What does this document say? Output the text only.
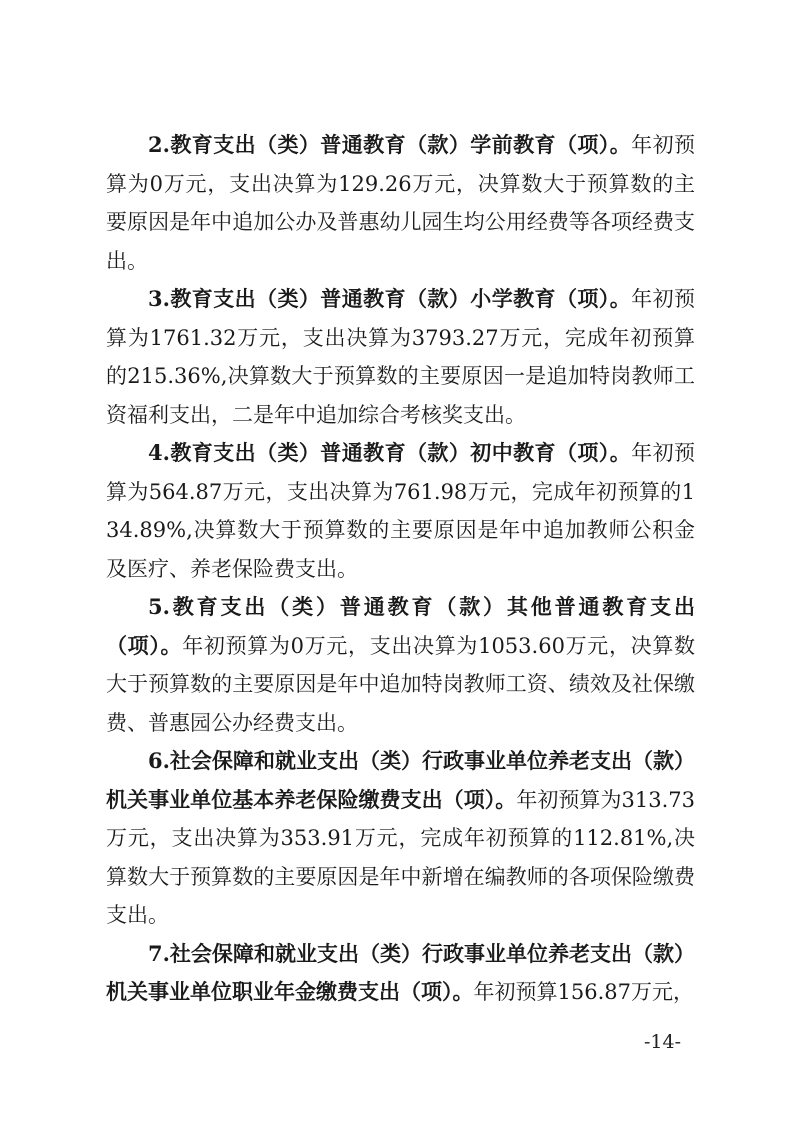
2.教育支出（类）普通教育（款）学前教育（项）。年初预算为0万元，支出决算为129.26万元，决算数大于预算数的主要原因是年中追加公办及普惠幼儿园生均公用经费等各项经费支出。

3.教育支出（类）普通教育（款）小学教育（项）。年初预算为1761.32万元，支出决算为3793.27万元，完成年初预算的215.36%,决算数大于预算数的主要原因一是追加特岗教师工资福利支出，二是年中追加综合考核奖支出。

4.教育支出（类）普通教育（款）初中教育（项）。年初预算为564.87万元，支出决算为761.98万元，完成年初预算的134.89%,决算数大于预算数的主要原因是年中追加教师公积金及医疗、养老保险费支出。

5.教育支出（类）普通教育（款）其他普通教育支出（项）。年初预算为0万元，支出决算为1053.60万元，决算数大于预算数的主要原因是年中追加特岗教师工资、绩效及社保缴费、普惠园公办经费支出。

6.社会保障和就业支出（类）行政事业单位养老支出（款）机关事业单位基本养老保险缴费支出（项）。年初预算为313.73万元，支出决算为353.91万元，完成年初预算的112.81%,决算数大于预算数的主要原因是年中新增在编教师的各项保险缴费支出。

7.社会保障和就业支出（类）行政事业单位养老支出（款）机关事业单位职业年金缴费支出（项）。年初预算156.87万元，

-14-
